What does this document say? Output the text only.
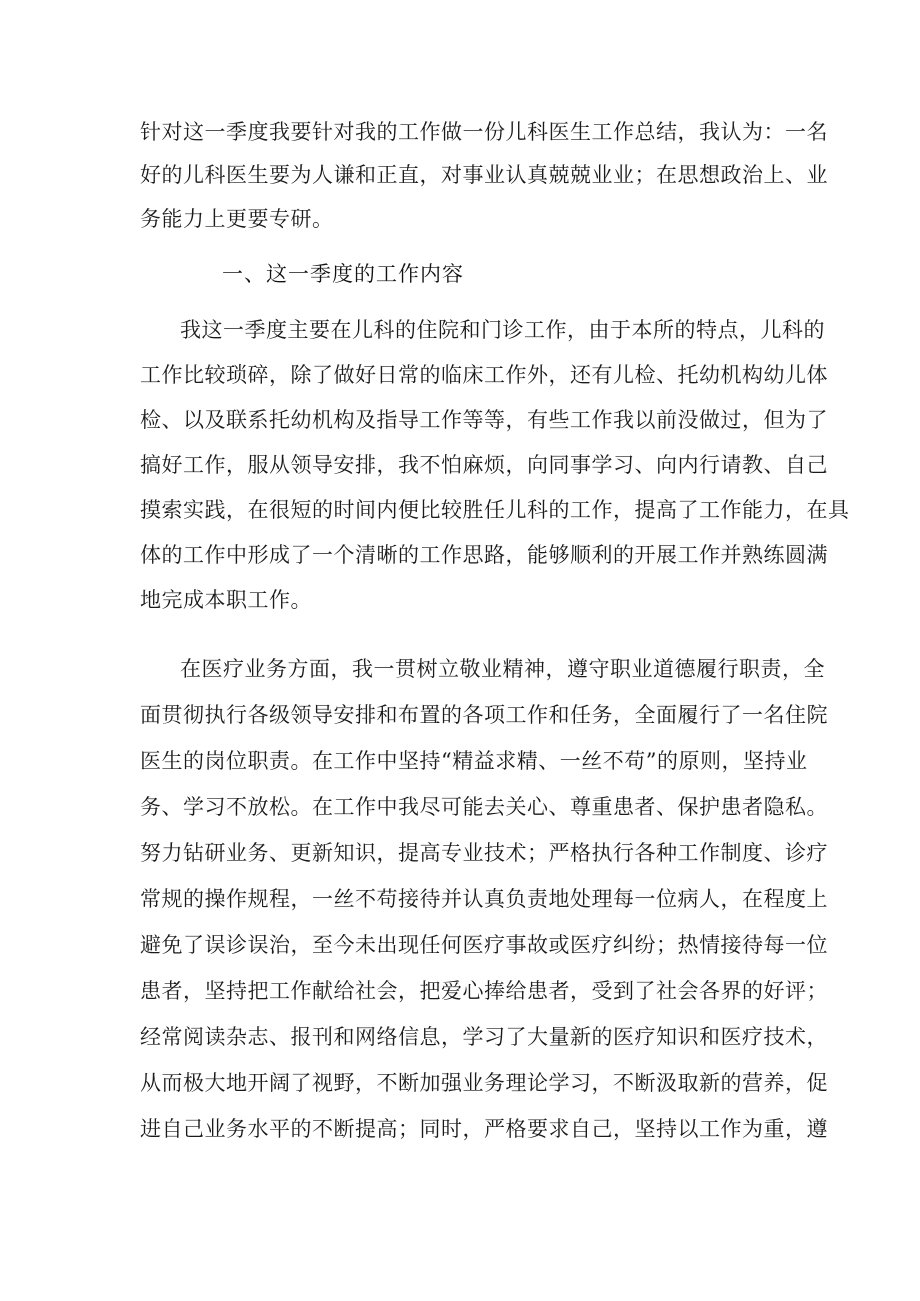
针对这一季度我要针对我的工作做一份儿科医生工作总结，我认为：一名
好的儿科医生要为人谦和正直，对事业认真兢兢业业；在思想政治上、业
务能力上更要专研。
一、这一季度的工作内容
我这一季度主要在儿科的住院和门诊工作，由于本所的特点，儿科的
工作比较琐碎，除了做好日常的临床工作外，还有儿检、托幼机构幼儿体
检、以及联系托幼机构及指导工作等等，有些工作我以前没做过，但为了
搞好工作，服从领导安排，我不怕麻烦，向同事学习、向内行请教、自己
摸索实践，在很短的时间内便比较胜任儿科的工作，提高了工作能力，在具
体的工作中形成了一个清晰的工作思路，能够顺利的开展工作并熟练圆满
地完成本职工作。
在医疗业务方面，我一贯树立敬业精神，遵守职业道德履行职责，全
面贯彻执行各级领导安排和布置的各项工作和任务，全面履行了一名住院
医生的岗位职责。在工作中坚持“精益求精、一丝不苟”的原则，坚持业
务、学习不放松。在工作中我尽可能去关心、尊重患者、保护患者隐私。
努力钻研业务、更新知识，提高专业技术；严格执行各种工作制度、诊疗
常规的操作规程，一丝不苟接待并认真负责地处理每一位病人，在程度上
避免了误诊误治，至今未出现任何医疗事故或医疗纠纷；热情接待每一位
患者，坚持把工作献给社会，把爱心捧给患者，受到了社会各界的好评；
经常阅读杂志、报刊和网络信息，学习了大量新的医疗知识和医疗技术，
从而极大地开阔了视野，不断加强业务理论学习，不断汲取新的营养，促
进自己业务水平的不断提高；同时，严格要求自己，坚持以工作为重，遵
